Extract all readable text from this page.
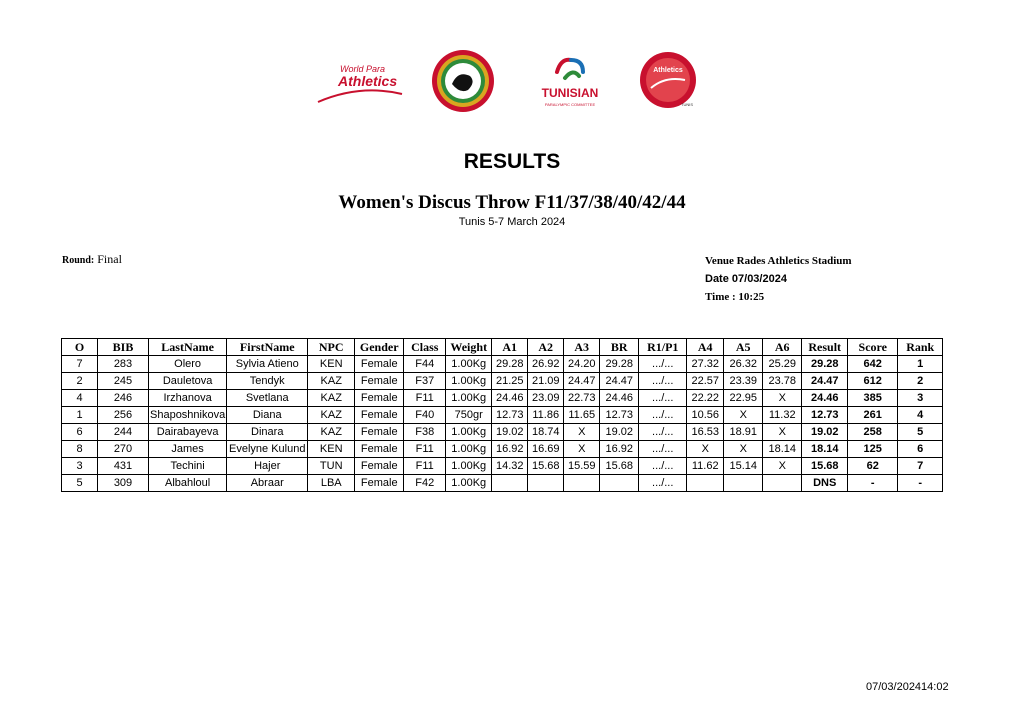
World Para
Athletics
TUNISIAN
PARALYMPIC COMMITTEE
Athletics
TUNIS
RESULTS
Women's Discus Throw F11/37/38/40/42/44
Tunis 5-7 March 2024
Round: Final	Venue Rades Athletics Stadium
Date 07/03/2024
Time : 10:25
O	BIB	LastName	FirstName	NPC	Gender	Class	Weight	A1	A2	A3	BR	R1/P1	A4	A5	A6	Result	Score	Rank
7	283	Olero	Sylvia Atieno	KEN	Female	F44	1.00Kg	29.28	26.92	24.20	29.28	.../...	27.32	26.32	25.29	29.28	642	1
2	245	Dauletova	Tendyk	KAZ	Female	F37	1.00Kg	21.25	21.09	24.47	24.47	.../...	22.57	23.39	23.78	24.47	612	2
4	246	Irzhanova	Svetlana	KAZ	Female	F11	1.00Kg	24.46	23.09	22.73	24.46	.../...	22.22	22.95	X	24.46	385	3
1	256	Shaposhnikova	Diana	KAZ	Female	F40	750gr	12.73	11.86	11.65	12.73	.../...	10.56	X	11.32	12.73	261	4
6	244	Dairabayeva	Dinara	KAZ	Female	F38	1.00Kg	19.02	18.74	X	19.02	.../...	16.53	18.91	X	19.02	258	5
8	270	James	Evelyne Kulund	KEN	Female	F11	1.00Kg	16.92	16.69	X	16.92	.../...	X	X	18.14	18.14	125	6
3	431	Techini	Hajer	TUN	Female	F11	1.00Kg	14.32	15.68	15.59	15.68	.../...	11.62	15.14	X	15.68	62	7
5	309	Albahloul	Abraar	LBA	Female	F42	1.00Kg					.../...				DNS	-	-
07/03/202414:02
